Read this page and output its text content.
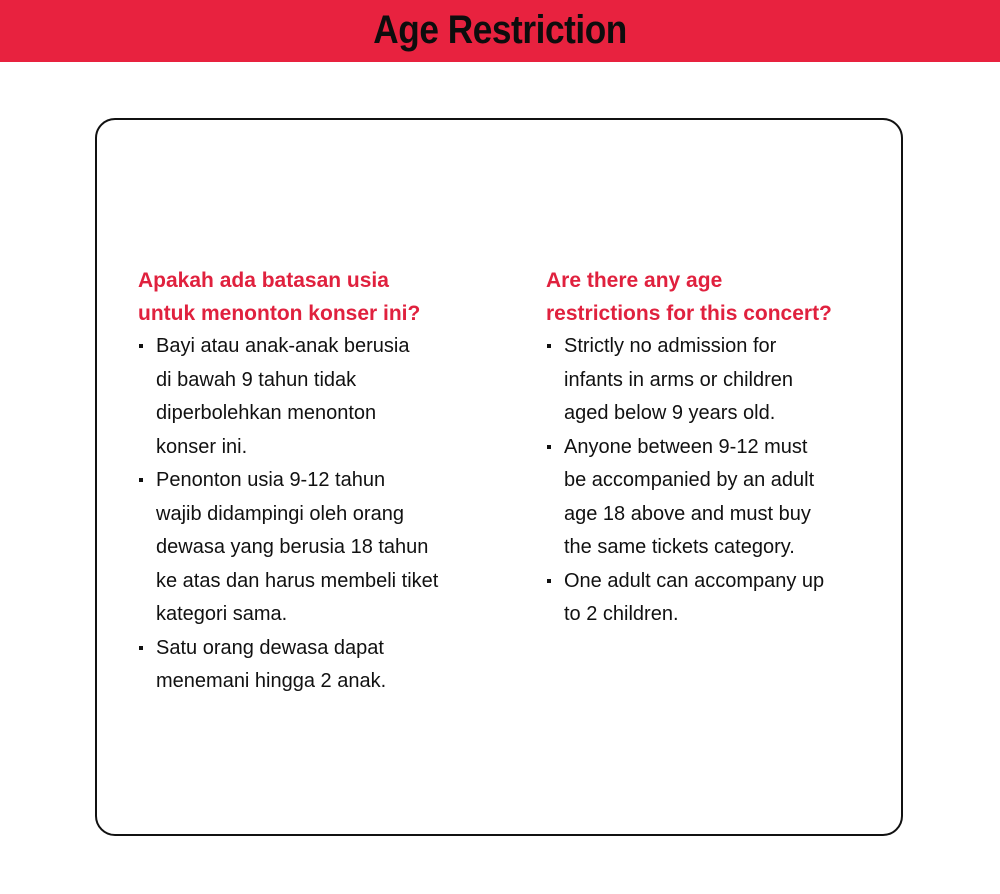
Age Restriction

Apakah ada batasan usia
untuk menonton konser ini?

Bayi atau anak-anak berusia
di bawah 9 tahun tidak
diperbolehkan menonton
konser ini.
Penonton usia 9-12 tahun
wajib didampingi oleh orang
dewasa yang berusia 18 tahun
ke atas dan harus membeli tiket
kategori sama.
Satu orang dewasa dapat
menemani hingga 2 anak.

Are there any age
restrictions for this concert?

Strictly no admission for
infants in arms or children
aged below 9 years old.
Anyone between 9-12 must
be accompanied by an adult
age 18 above and must buy
the same tickets category.
One adult can accompany up
to 2 children.
